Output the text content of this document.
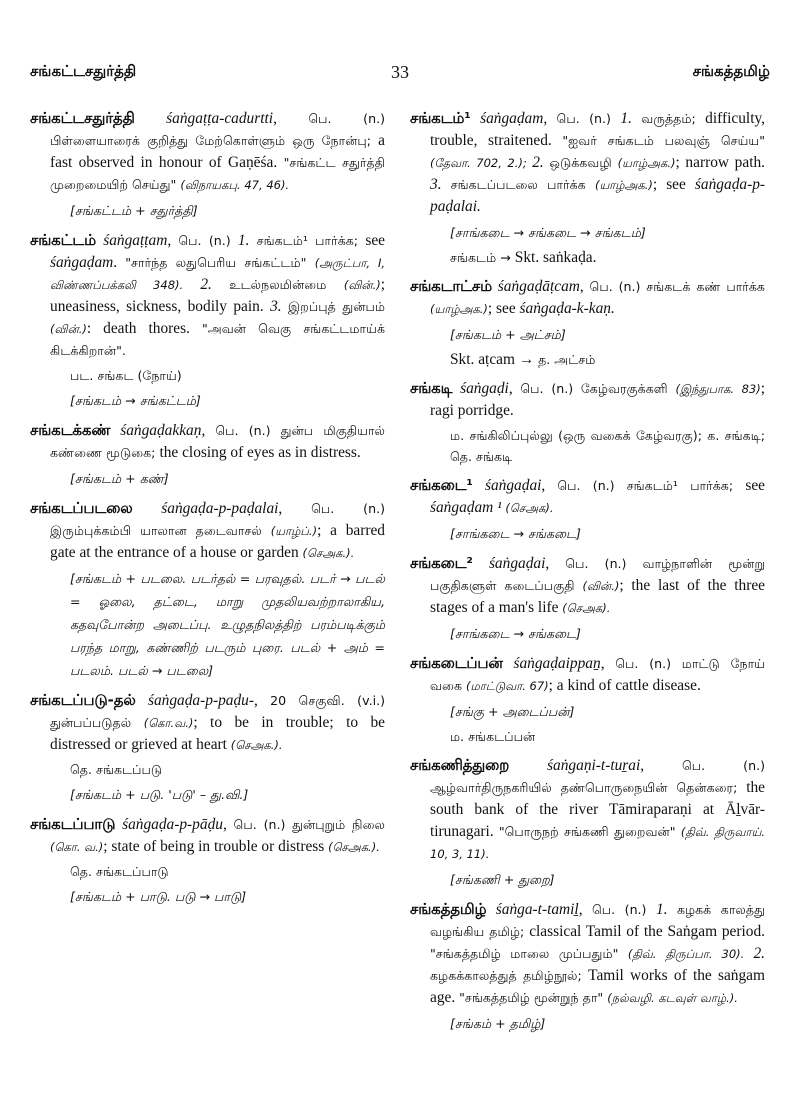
சங்கட்டசதுர்த்தி	33	சங்கத்தமிழ்

சங்கட்டசதுர்த்தி śaṅgaṭṭa-cadurtti, பெ. (n.) பிள்ளையாரைக் குறித்து மேற்கொள்ளும் ஒரு நோன்பு; a fast observed in honour of Gaṇēśa. "சங்கட்ட சதுர்த்தி முறைமையிற் செய்து" (விநாயகபு. 47, 46).

[சங்கட்டம் + சதுர்த்தி]

சங்கட்டம் śaṅgaṭṭam, பெ. (n.) 1. சங்கடம்¹ பார்க்க; see śaṅgaḍam. "சார்ந்த லதுபெரிய சங்கட்டம்" (அருட்பா, I, விண்ணப்பக்கலி 348). 2. உடல்நலமின்மை (வின்.); uneasiness, sickness, bodily pain. 3. இறப்புத் துன்பம் (வின்.): death thores. "அவன் வெகு சங்கட்டமாய்க் கிடக்கிறான்".

பட. சங்கட (நோய்)

[சங்கடம் → சங்கட்டம்]

சங்கடக்கண் śaṅgaḍakkaṇ, பெ. (n.) துன்ப மிகுதியால் கண்ணை மூடுகை; the closing of eyes as in distress.

[சங்கடம் + கண்]

சங்கடப்படலை śaṅgaḍa-p-paḍalai, பெ. (n.) இரும்புக்கம்பி யாலான தடைவாசல் (யாழ்ப்.); a barred gate at the entrance of a house or garden (செஅக.).

[சங்கடம் + படலை. படர்தல் = பரவுதல். படர் → படல் = ஓலை, தட்டை, மாறு முதலியவற்றாலாகிய, கதவுபோன்ற அடைப்பு. உழுதநிலத்திற் பரம்படிக்கும் பரந்த மாறு, கண்ணிற் படரும் புரை. படல் + அம் = படலம். படல் → படலை]

சங்கடப்படு-தல் śaṅgaḍa-p-paḍu-, 20 செகுவி. (v.i.) துன்பப்படுதல் (கொ.வ.); to be in trouble; to be distressed or grieved at heart (செஅக.).

தெ. சங்கடப்படு

[சங்கடம் + படு. 'படு' – து.வி.]

சங்கடப்பாடு śaṅgaḍa-p-pāḍu, பெ. (n.) துன்புறும் நிலை (கொ. வ.); state of being in trouble or distress (செஅக.).

தெ. சங்கடப்பாடு

[சங்கடம் + பாடு. படு → பாடு]

சங்கடம்¹ śaṅgaḍam, பெ. (n.) 1. வருத்தம்; difficulty, trouble, straitened. "ஐவர் சங்கடம் பலவுஞ் செய்ய" (தேவா. 702, 2.); 2. ஒடுக்கவழி (யாழ்அக.); narrow path. 3. சங்கடப்படலை பார்க்க (யாழ்அக.); see śaṅgaḍa-p-paḍalai.

[சாங்கடை → சங்கடை → சங்கடம்]

சங்கடம் → Skt. saṅkaḍa.

சங்கடாட்சம் śaṅgaḍāṭcam, பெ. (n.) சங்கடக் கண் பார்க்க (யாழ்அக.); see śaṅgaḍa-k-kaṇ.

[சங்கடம் + அட்சம்]

Skt. aṭcam → த. அட்சம்

சங்கடி śaṅgaḍi, பெ. (n.) கேழ்வரகுக்களி (இந்துபாக. 83); ragi porridge.

ம. சங்கிலிப்புல்லு (ஒரு வகைக் கேழ்வரகு); க. சங்கடி; தெ. சங்கடி

சங்கடை¹ śaṅgaḍai, பெ. (n.) சங்கடம்¹ பார்க்க; see śaṅgaḍam ¹ (செஅக).

[சாங்கடை → சங்கடை]

சங்கடை² śaṅgaḍai, பெ. (n.) வாழ்நாளின் மூன்று பகுதிகளுள் கடைப்பகுதி (வின்.); the last of the three stages of a man's life (செஅக).

[சாங்கடை → சங்கடை]

சங்கடைப்பன் śaṅgaḍaippaṉ, பெ. (n.) மாட்டு நோய் வகை (மாட்டுவா. 67); a kind of cattle disease.

[சங்கு + அடைப்பன்]

ம. சங்கடப்பன்

சங்கணித்துறை śaṅgaṇi-t-tuṟai, பெ. (n.) ஆழ்வார்திருநகரியில் தண்பொருநையின் தென்கரை; the south bank of the river Tāmiraparaṇi at Āḻvār-tirunagari. "பொருநற் சங்கணி துறைவன்" (திவ். திருவாய். 10, 3, 11).

[சங்கணி + துறை]

சங்கத்தமிழ் śaṅga-t-tamiḻ, பெ. (n.) 1. கழகக் காலத்து வழங்கிய தமிழ்; classical Tamil of the Saṅgam period. "சங்கத்தமிழ் மாலை முப்பதும்" (திவ். திருப்பா. 30). 2. கழகக்காலத்துத் தமிழ்நூல்; Tamil works of the saṅgam age. "சங்கத்தமிழ் மூன்றுந் தா" (நல்வழி. கடவுள் வாழ்.).

[சங்கம் + தமிழ்]
